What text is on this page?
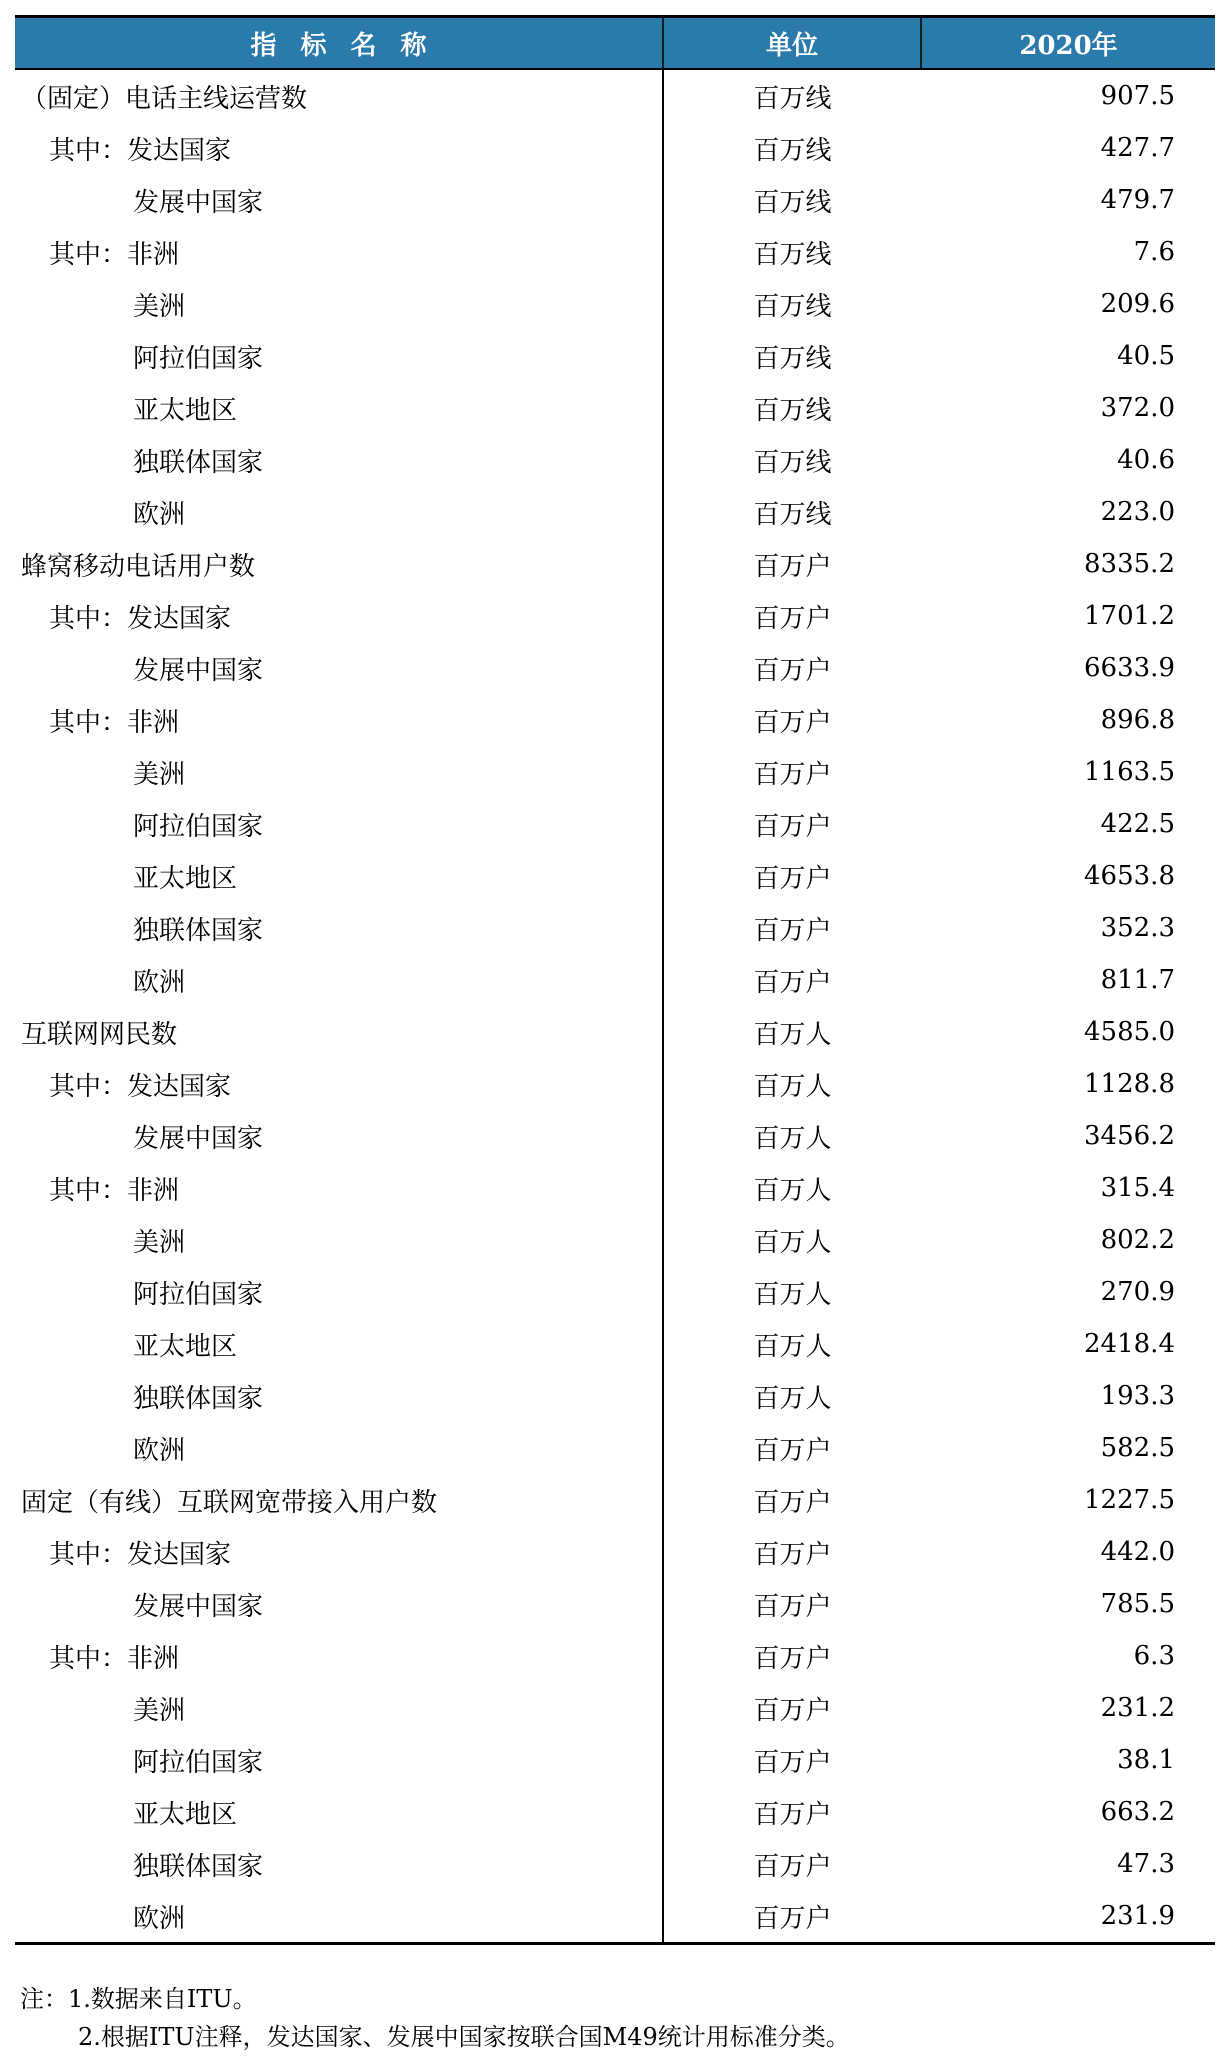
指标名称	单位	2020年
（固定）电话主线运营数	百万线	907.5
其中：发达国家	百万线	427.7
发展中国家	百万线	479.7
其中：非洲	百万线	7.6
美洲	百万线	209.6
阿拉伯国家	百万线	40.5
亚太地区	百万线	372.0
独联体国家	百万线	40.6
欧洲	百万线	223.0
蜂窝移动电话用户数	百万户	8335.2
其中：发达国家	百万户	1701.2
发展中国家	百万户	6633.9
其中：非洲	百万户	896.8
美洲	百万户	1163.5
阿拉伯国家	百万户	422.5
亚太地区	百万户	4653.8
独联体国家	百万户	352.3
欧洲	百万户	811.7
互联网网民数	百万人	4585.0
其中：发达国家	百万人	1128.8
发展中国家	百万人	3456.2
其中：非洲	百万人	315.4
美洲	百万人	802.2
阿拉伯国家	百万人	270.9
亚太地区	百万人	2418.4
独联体国家	百万人	193.3
欧洲	百万户	582.5
固定（有线）互联网宽带接入用户数	百万户	1227.5
其中：发达国家	百万户	442.0
发展中国家	百万户	785.5
其中：非洲	百万户	6.3
美洲	百万户	231.2
阿拉伯国家	百万户	38.1
亚太地区	百万户	663.2
独联体国家	百万户	47.3
欧洲	百万户	231.9
注：1.数据来自ITU。
2.根据ITU注释，发达国家、发展中国家按联合国M49统计用标准分类。
